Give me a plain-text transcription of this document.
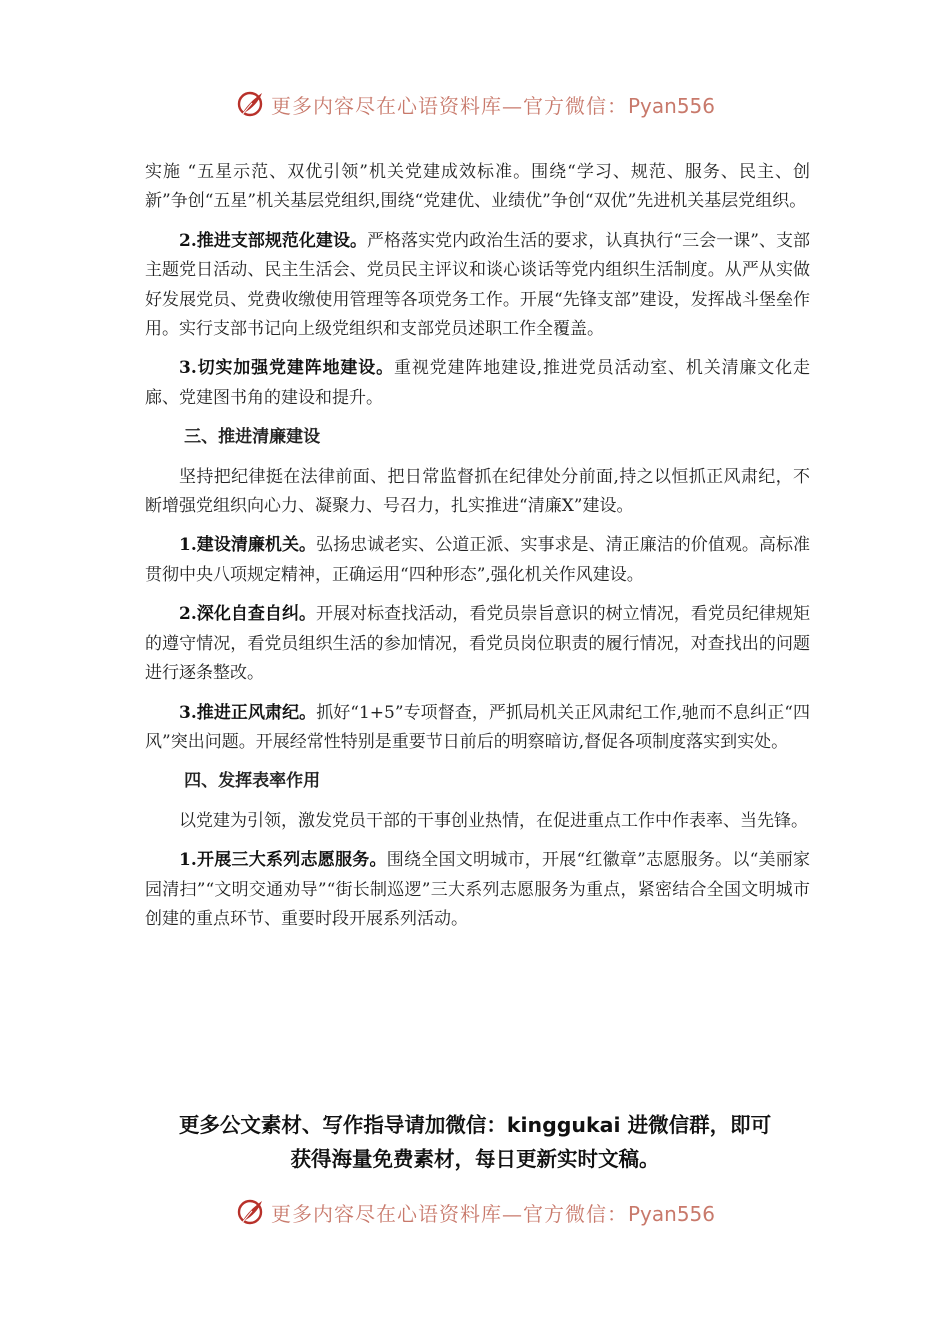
更多内容尽在心语资料库—官方微信：Pyan556

实施 “五星示范、双优引领”机关党建成效标准。围绕“学习、规范、服务、民主、创新”争创“五星”机关基层党组织,围绕“党建优、业绩优”争创“双优”先进机关基层党组织。

2.推进支部规范化建设。严格落实党内政治生活的要求，认真执行“三会一课”、支部主题党日活动、民主生活会、党员民主评议和谈心谈话等党内组织生活制度。从严从实做好发展党员、党费收缴使用管理等各项党务工作。开展“先锋支部”建设，发挥战斗堡垒作用。实行支部书记向上级党组织和支部党员述职工作全覆盖。

3.切实加强党建阵地建设。重视党建阵地建设,推进党员活动室、机关清廉文化走廊、党建图书角的建设和提升。

三、推进清廉建设

坚持把纪律挺在法律前面、把日常监督抓在纪律处分前面,持之以恒抓正风肃纪，不断增强党组织向心力、凝聚力、号召力，扎实推进“清廉X”建设。

1.建设清廉机关。弘扬忠诚老实、公道正派、实事求是、清正廉洁的价值观。高标准贯彻中央八项规定精神，正确运用“四种形态”,强化机关作风建设。

2.深化自查自纠。开展对标查找活动，看党员崇旨意识的树立情况，看党员纪律规矩的遵守情况，看党员组织生活的参加情况，看党员岗位职责的履行情况，对查找出的问题进行逐条整改。

3.推进正风肃纪。抓好“1+5”专项督查，严抓局机关正风肃纪工作,驰而不息纠正“四风”突出问题。开展经常性特别是重要节日前后的明察暗访,督促各项制度落实到实处。

四、发挥表率作用

以党建为引领，激发党员干部的干事创业热情，在促进重点工作中作表率、当先锋。

1.开展三大系列志愿服务。围绕全国文明城市，开展“红徽章”志愿服务。以“美丽家园清扫”“文明交通劝导”“街长制巡逻”三大系列志愿服务为重点，紧密结合全国文明城市创建的重点环节、重要时段开展系列活动。

更多公文素材、写作指导请加微信：kinggukai 进微信群，即可
获得海量免费素材，每日更新实时文稿。
更多内容尽在心语资料库—官方微信：Pyan556
